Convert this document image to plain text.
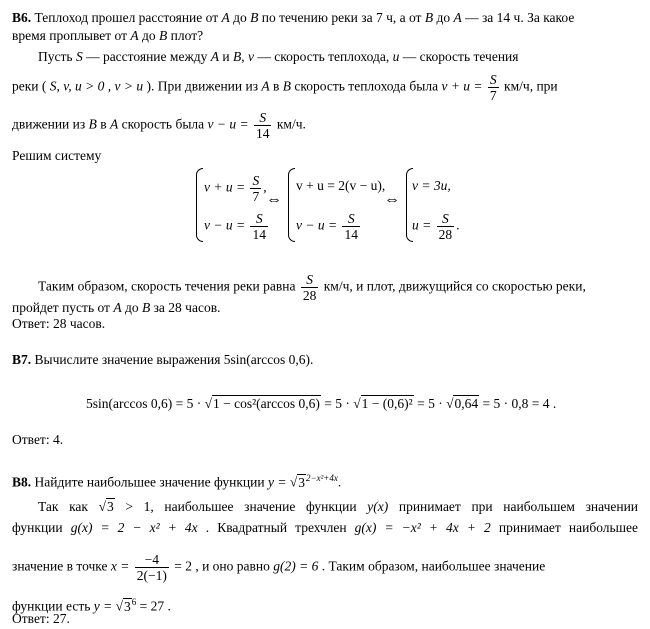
В6. Теплоход прошел расстояние от A до B по течению реки за 7 ч, а от B до A — за 14 ч. За какое
время проплывет от A до B плот?
Пусть S — расстояние между A и B, v — скорость теплохода, u — скорость течения
реки ( S, v, u > 0 , v > u ). При движении из A в B скорость теплохода была $v + u = \frac{S}{7} км/ч$, при
движении из B в A скорость была $v - u = \frac{S}{14} км/ч$.
Решим систему
$v + u = \frac{S}{7}$ ,
$v - u = \frac{S}{14}$
⇔
v + u = 2(v − u),
$v - u = \frac{S}{14}$
⇔
v = 3u,
$u = \frac{S}{28}$ .
Таким образом, скорость течения реки равна $\frac{S}{28} км/ч$, и плот, движущийся со скоростью реки,
пройдет пусть от A до B за 28 часов.
Ответ: 28 часов.
В7. Вычислите значение выражения 5sin(arccos 0,6).
5sin(arccos 0,6) = 5 · √1 − cos²(arccos 0,6) = 5 · √1 − (0,6)² = 5 · √0,64 = 5 · 0,8 = 4 .
Ответ: 4.
В8. Найдите наибольшее значение функции $y = √3^{2-x^2+4x}$.
Так как √3 > 1, наибольшее значение функции y(x) принимает при наибольшем значении
функции g(x) = 2 − x² + 4x . Квадратный трехчлен g(x) = −x² + 4x + 2 принимает наибольшее
значение в точке $x = \frac{-4}{2(-1)} = 2$ , и оно равно g(2) = 6 . Таким образом, наибольшее значение
функции есть $y = √3^6 = 27$ .
Ответ: 27.
